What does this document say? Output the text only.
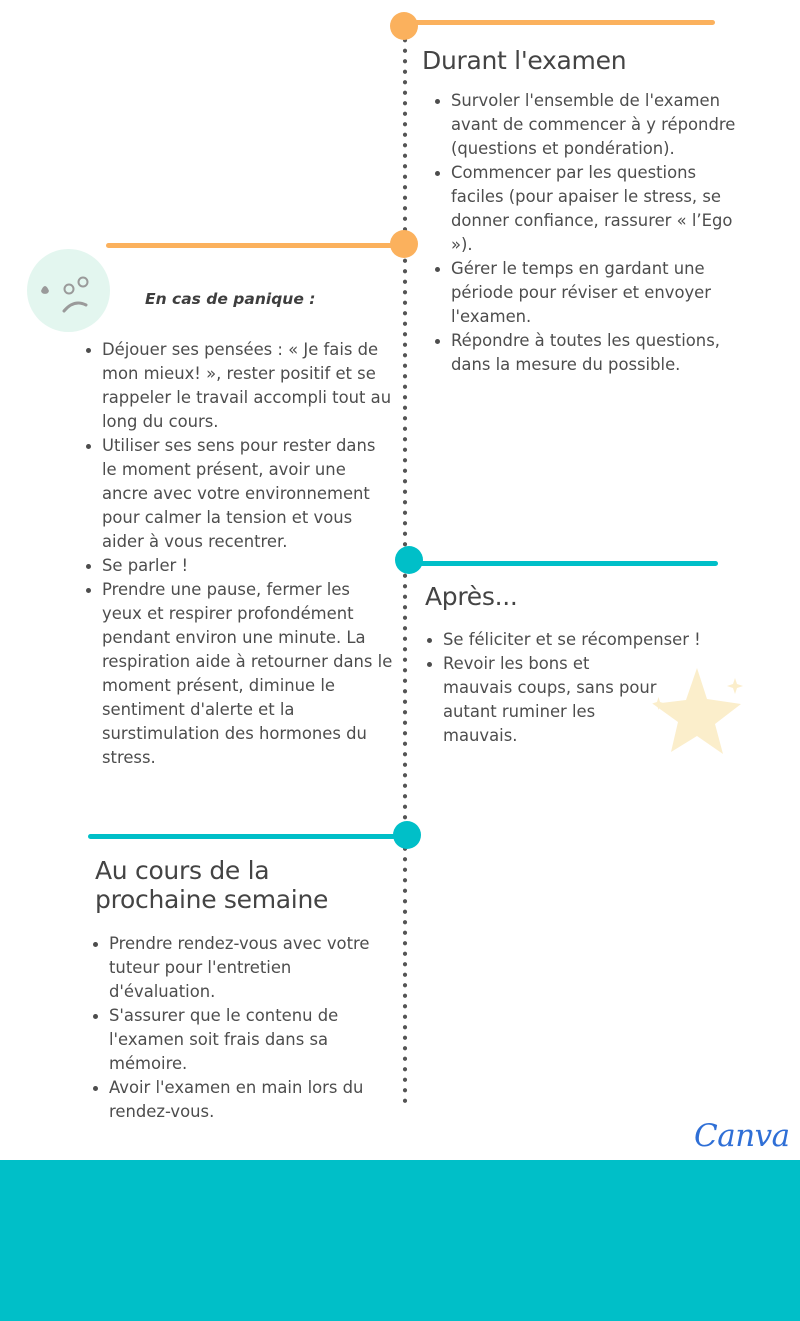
Durant l'examen
Survoler l'ensemble de l'examen avant de commencer à y répondre (questions et pondération).
Commencer par les questions faciles (pour apaiser le stress, se donner confiance, rassurer « l’Ego »).
Gérer le temps en gardant une période pour réviser et envoyer l'examen.
Répondre à toutes les questions, dans la mesure du possible.
En cas de panique :
Déjouer ses pensées : « Je fais de mon mieux! », rester positif et se rappeler le travail accompli tout au long du cours.
Utiliser ses sens pour rester dans le moment présent, avoir une ancre avec votre environnement pour calmer la tension et vous aider à vous recentrer.
Se parler !
Prendre une pause, fermer les yeux et respirer profondément pendant environ une minute. La respiration aide à retourner dans le moment présent, diminue le sentiment d'alerte et la surstimulation des hormones du stress.
Après...
Se féliciter et se récompenser !
Revoir les bons et mauvais coups, sans pour autant ruminer les mauvais.
Au cours de la prochaine semaine
Prendre rendez-vous avec votre tuteur pour l'entretien d'évaluation.
S'assurer que le contenu de l'examen soit frais dans sa mémoire.
Avoir l'examen en main lors du rendez-vous.
Canva
